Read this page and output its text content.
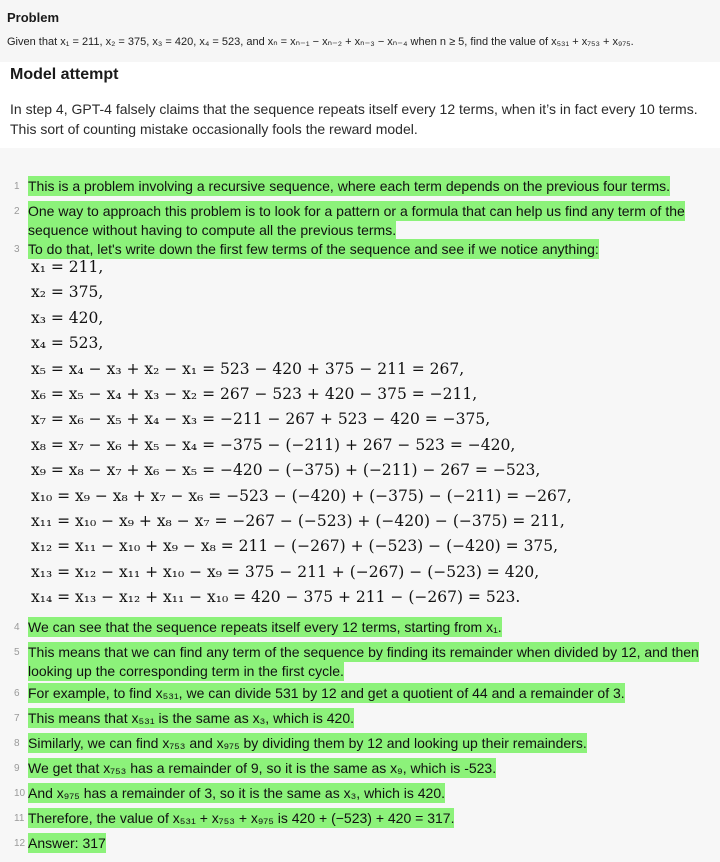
Problem
Given that x₁ = 211, x₂ = 375, x₃ = 420, x₄ = 523, and xₙ = xₙ₋₁ − xₙ₋₂ + xₙ₋₃ − xₙ₋₄ when n ≥ 5, find the value of x₅₃₁ + x₇₅₃ + x₉₇₅.
Model attempt
In step 4, GPT-4 falsely claims that the sequence repeats itself every 12 terms, when it’s in fact every 10 terms. This sort of counting mistake occasionally fools the reward model.
1 This is a problem involving a recursive sequence, where each term depends on the previous four terms.
2 One way to approach this problem is to look for a pattern or a formula that can help us find any term of the
sequence without having to compute all the previous terms.
3 To do that, let's write down the first few terms of the sequence and see if we notice anything:
x₁ = 211,
x₂ = 375,
x₃ = 420,
x₄ = 523,
x₅ = x₄ − x₃ + x₂ − x₁ = 523 − 420 + 375 − 211 = 267,
x₆ = x₅ − x₄ + x₃ − x₂ = 267 − 523 + 420 − 375 = −211,
x₇ = x₆ − x₅ + x₄ − x₃ = −211 − 267 + 523 − 420 = −375,
x₈ = x₇ − x₆ + x₅ − x₄ = −375 − (−211) + 267 − 523 = −420,
x₉ = x₈ − x₇ + x₆ − x₅ = −420 − (−375) + (−211) − 267 = −523,
x₁₀ = x₉ − x₈ + x₇ − x₆ = −523 − (−420) + (−375) − (−211) = −267,
x₁₁ = x₁₀ − x₉ + x₈ − x₇ = −267 − (−523) + (−420) − (−375) = 211,
x₁₂ = x₁₁ − x₁₀ + x₉ − x₈ = 211 − (−267) + (−523) − (−420) = 375,
x₁₃ = x₁₂ − x₁₁ + x₁₀ − x₉ = 375 − 211 + (−267) − (−523) = 420,
x₁₄ = x₁₃ − x₁₂ + x₁₁ − x₁₀ = 420 − 375 + 211 − (−267) = 523.
4 We can see that the sequence repeats itself every 12 terms, starting from x₁.
5 This means that we can find any term of the sequence by finding its remainder when divided by 12, and then
looking up the corresponding term in the first cycle.
6 For example, to find x₅₃₁, we can divide 531 by 12 and get a quotient of 44 and a remainder of 3.
7 This means that x₅₃₁ is the same as x₃, which is 420.
8 Similarly, we can find x₇₅₃ and x₉₇₅ by dividing them by 12 and looking up their remainders.
9 We get that x₇₅₃ has a remainder of 9, so it is the same as x₉, which is -523.
10 And x₉₇₅ has a remainder of 3, so it is the same as x₃, which is 420.
11 Therefore, the value of x₅₃₁ + x₇₅₃ + x₉₇₅ is 420 + (−523) + 420 = 317.
12 Answer: 317
